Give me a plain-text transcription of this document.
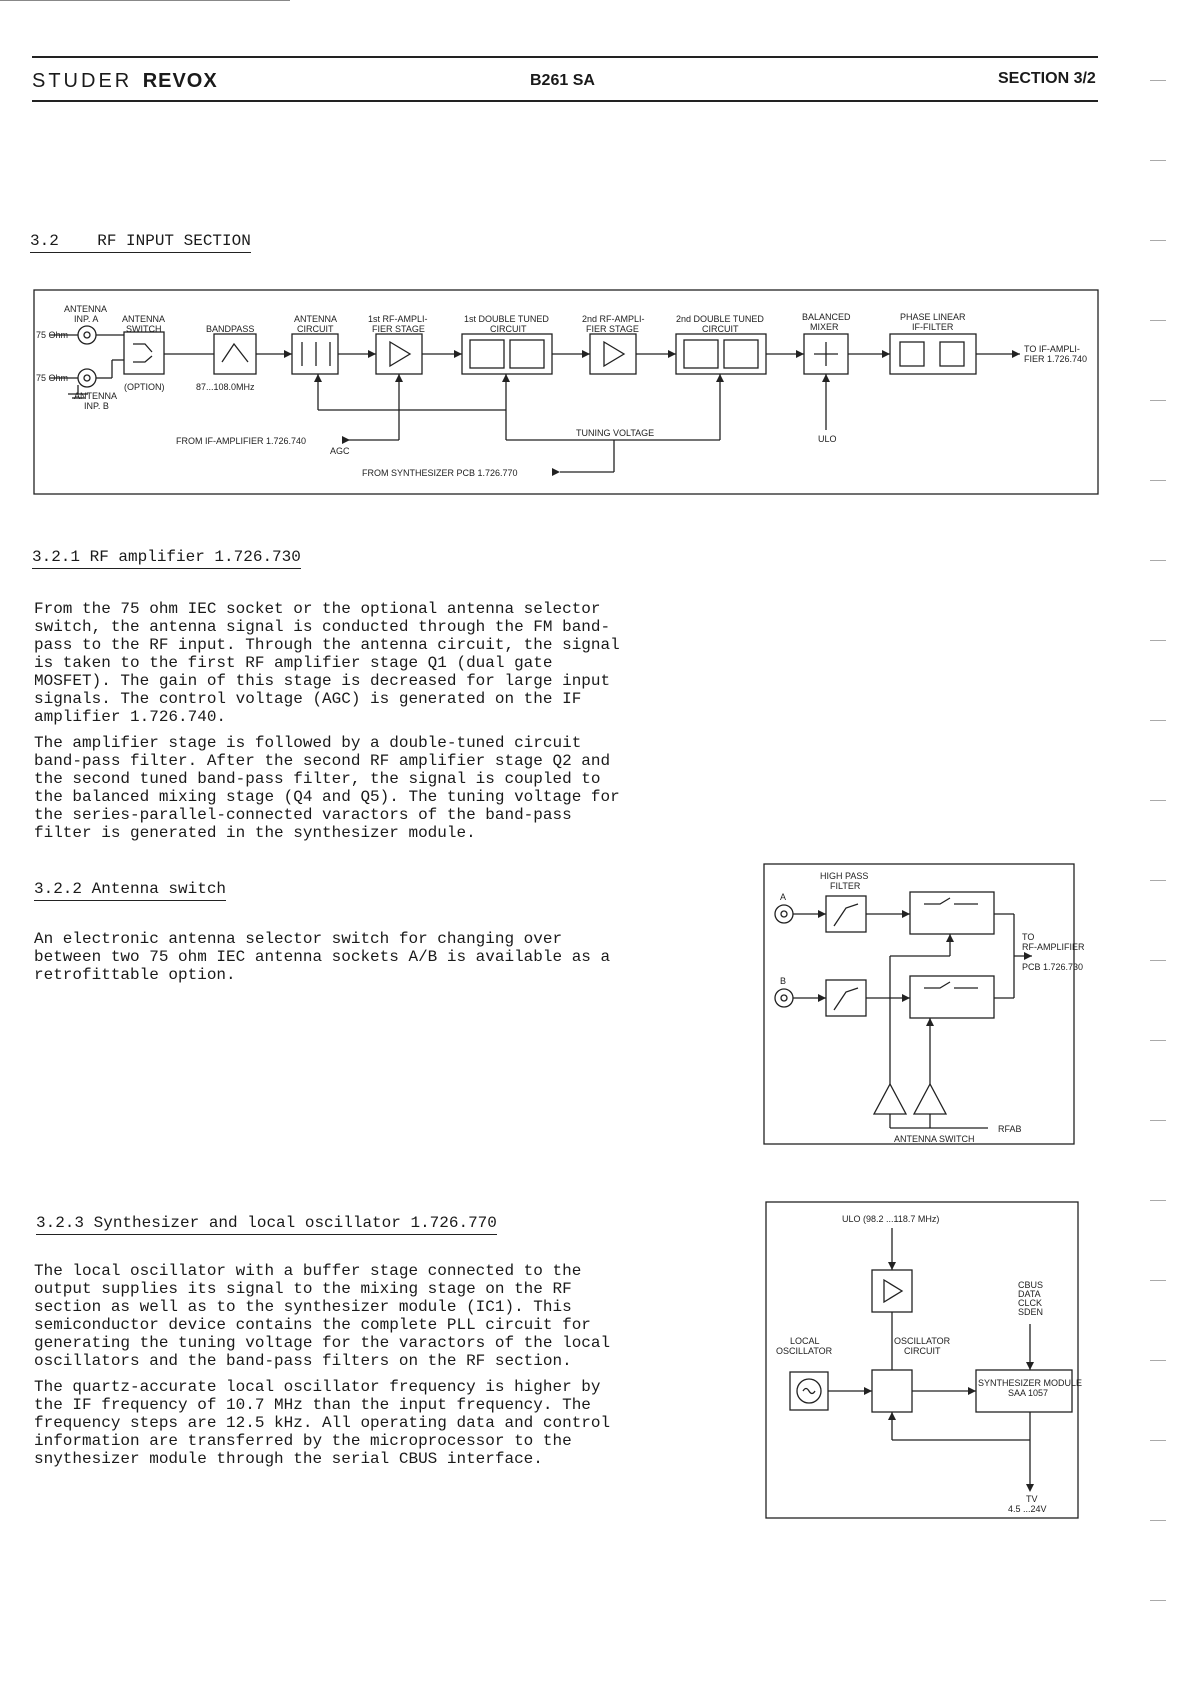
STUDER REVOX	B261 SA	SECTION 3/2
3.2    RF INPUT SECTION
ANTENNA
INP. A
75 Ohm
75 Ohm
ANTENNA
INP. B
ANTENNA
SWITCH
(OPTION)
BANDPASS
87...108.0MHz
ANTENNA
CIRCUIT
1st RF-AMPLI-
FIER STAGE
1st DOUBLE TUNED
CIRCUIT
2nd RF-AMPLI-
FIER STAGE
2nd DOUBLE TUNED
CIRCUIT
BALANCED
MIXER
PHASE LINEAR
IF-FILTER
TO IF-AMPLI-
FIER 1.726.740
FROM IF-AMPLIFIER 1.726.740
AGC
TUNING VOLTAGE
ULO
FROM SYNTHESIZER PCB 1.726.770
3.2.1 RF amplifier 1.726.730
From the 75 ohm IEC socket or the optional antenna selector
switch, the antenna signal is conducted through the FM band-
pass to the RF input. Through the antenna circuit, the signal
is taken to the first RF amplifier stage Q1 (dual gate
MOSFET). The gain of this stage is decreased for large input
signals. The control voltage (AGC) is generated on the IF
amplifier 1.726.740.
The amplifier stage is followed by a double-tuned circuit
band-pass filter. After the second RF amplifier stage Q2 and
the second tuned band-pass filter, the signal is coupled to
the balanced mixing stage (Q4 and Q5). The tuning voltage for
the series-parallel-connected varactors of the band-pass
filter is generated in the synthesizer module.
3.2.2 Antenna switch
An electronic antenna selector switch for changing over
between two 75 ohm IEC antenna sockets A/B is available as a
retrofittable option.
HIGH PASS
FILTER
A
B
TO
RF-AMPLIFIER
PCB 1.726.730
RFAB
ANTENNA SWITCH
3.2.3 Synthesizer and local oscillator 1.726.770
The local oscillator with a buffer stage connected to the
output supplies its signal to the mixing stage on the RF
section as well as to the synthesizer module (IC1). This
semiconductor device contains the complete PLL circuit for
generating the tuning voltage for the varactors of the local
oscillators and the band-pass filters on the RF section.
The quartz-accurate local oscillator frequency is higher by
the IF frequency of 10.7 MHz than the input frequency. The
frequency steps are 12.5 kHz. All operating data and control
information are transferred by the microprocessor to the
snythesizer module through the serial CBUS interface.
ULO (98.2 ...118.7 MHz)
CBUS
DATA
CLCK
SDEN
LOCAL
OSCILLATOR
OSCILLATOR
CIRCUIT
SYNTHESIZER MODULE
SAA 1057
TV
4.5 ...24V
